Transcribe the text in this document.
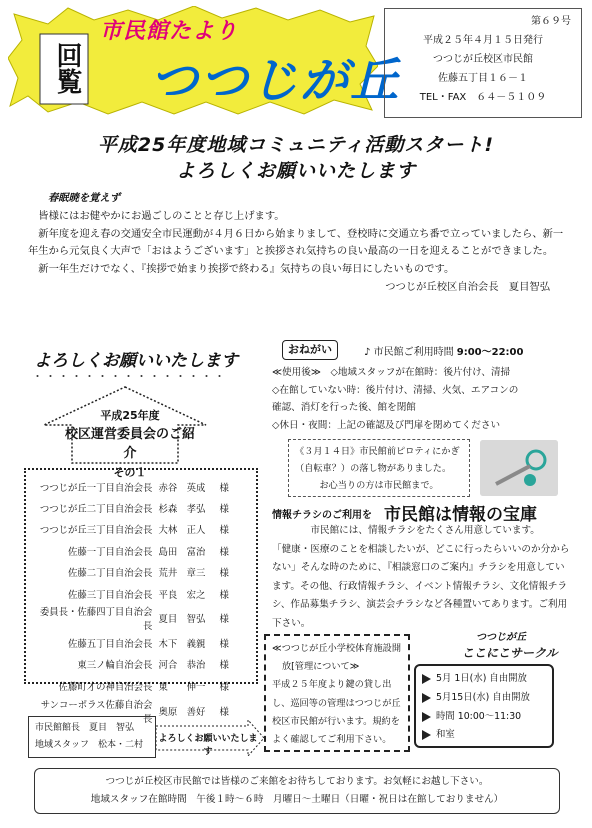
回覧
市民館たより
つつじが丘
第６９号
平成２５年４月１５日発行
つつじが丘校区市民館
佐藤五丁目１６－１
TEL・FAX　６４－５１０９
平成25年度地域コミュニティ活動スタート!
よろしくお願いいたします
春眠暁を覚えず

皆様にはお健やかにお過ごしのことと存じ上げます。

新年度を迎え春の交通安全市民運動が４月６日から始まりまして、登校時に交通立ち番で立っていましたら、新一年生から元気良く大声で「おはようございます」と挨拶され気持ちの良い最高の一日を迎えることができました。

新一年生だけでなく、『挨拶で始まり挨拶で終わる』気持ちの良い毎日にしたいものです。

つつじが丘校区自治会長　夏目智弘
よろしくお願いいたします
・・・・・・・・・・・・・・・
平成25年度
校区運営委員会のご紹介
その１
つつじが丘一丁目自治会長	赤谷　英成	様
つつじが丘二丁目自治会長	杉森　孝弘	様
つつじが丘三丁目自治会長	大林　正人	様
佐藤一丁目自治会長	島田　富治	様
佐藤二丁目自治会長	荒井　章三	様
佐藤三丁目自治会長	平良　宏之	様
委員長・佐藤四丁目自治会長	夏目　智弘	様
佐藤五丁目自治会長	木下　義親	様
東三ノ輪自治会長	河合　恭治	様
佐藤町才の神自治会長	東　　伸一	様
サンコーポラス佐藤自治会長	奥原　善好	様
市民館館長　夏目　智弘
地域スタッフ　松本・二村
よろしくお願いいたします
おねがい	♪ 市民館ご利用時間 9:00～22:00
≪使用後≫　◇地域スタッフが在館時：後片付け、清掃
◇在館していない時：後片付け、清掃、火気、エアコンの
確認、消灯を行った後、館を閉館
◇休日・夜間：上記の確認及び門扉を閉めてください
《３月１４日》市民館前ピロティにかぎ
（自転車？）の落し物がありました。
お心当りの方は市民館まで。
市民館は情報の宝庫
情報チラシのご利用を

市民館には、情報チラシをたくさん用意しています。

「健康・医療のことを相談したいが、どこに行ったらいいのか分からない」そんな時のために、『相談窓口のご案内』チラシを用意しています。その他、行政情報チラシ、イベント情報チラシ、文化情報チラシ、作品募集チラシ、演芸会チラシなど各種置いてあります。ご利用下さい。
≪つつじが丘小学校体育施設開
放[管理について≫
平成２５年度より鍵の貸し出
し、巡回等の管理はつつじが丘
校区市民館が行います。規約を
よく確認してご利用下さい。
つつじが丘
ここにこサークル
5月 1日(水) 自由開放
5月15日(水) 自由開放
時間 10:00～11:30
和室
つつじが丘校区市民館では皆様のご来館をお待ちしております。お気軽にお越し下さい。
地域スタッフ在館時間　午後１時～６時　月曜日～土曜日（日曜・祝日は在館しておりません）
